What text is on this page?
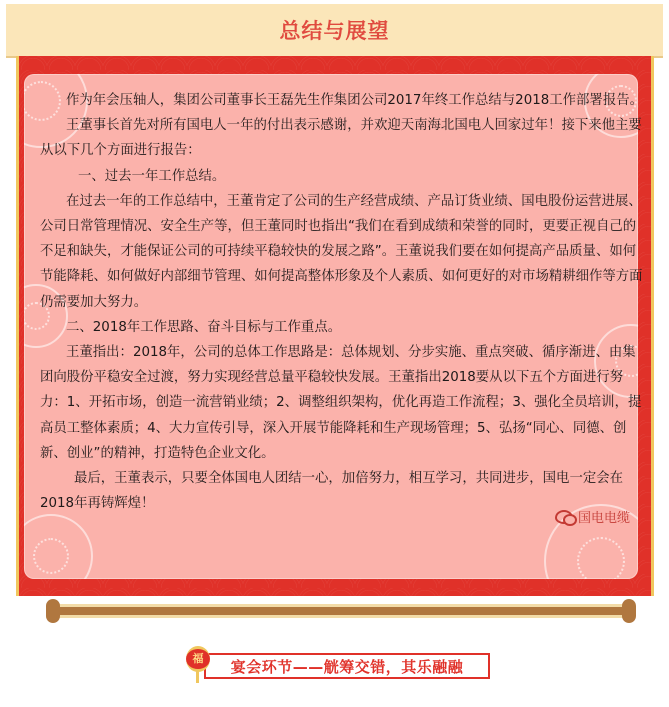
总结与展望

作为年会压轴人，集团公司董事长王磊先生作集团公司2017年终工作总结与2018工作部署报告。

王董事长首先对所有国电人一年的付出表示感谢，并欢迎天南海北国电人回家过年！接下来他主要从以下几个方面进行报告：

一、过去一年工作总结。

在过去一年的工作总结中，王董肯定了公司的生产经营成绩、产品订货业绩、国电股份运营进展、公司日常管理情况、安全生产等，但王董同时也指出“我们在看到成绩和荣誉的同时，更要正视自己的不足和缺失，才能保证公司的可持续平稳较快的发展之路”。王董说我们要在如何提高产品质量、如何节能降耗、如何做好内部细节管理、如何提高整体形象及个人素质、如何更好的对市场精耕细作等方面仍需要加大努力。

二、2018年工作思路、奋斗目标与工作重点。

王董指出：2018年，公司的总体工作思路是：总体规划、分步实施、重点突破、循序渐进、由集团向股份平稳安全过渡，努力实现经营总量平稳较快发展。王董指出2018要从以下五个方面进行努力：1、开拓市场，创造一流营销业绩；2、调整组织架构，优化再造工作流程；3、强化全员培训，提高员工整体素质；4、大力宣传引导，深入开展节能降耗和生产现场管理；5、弘扬“同心、同德、创新、创业”的精神，打造特色企业文化。

最后，王董表示，只要全体国电人团结一心，加倍努力，相互学习，共同进步，国电一定会在2018年再铸辉煌！

国电电缆
宴会环节——觥筹交错，其乐融融
福
